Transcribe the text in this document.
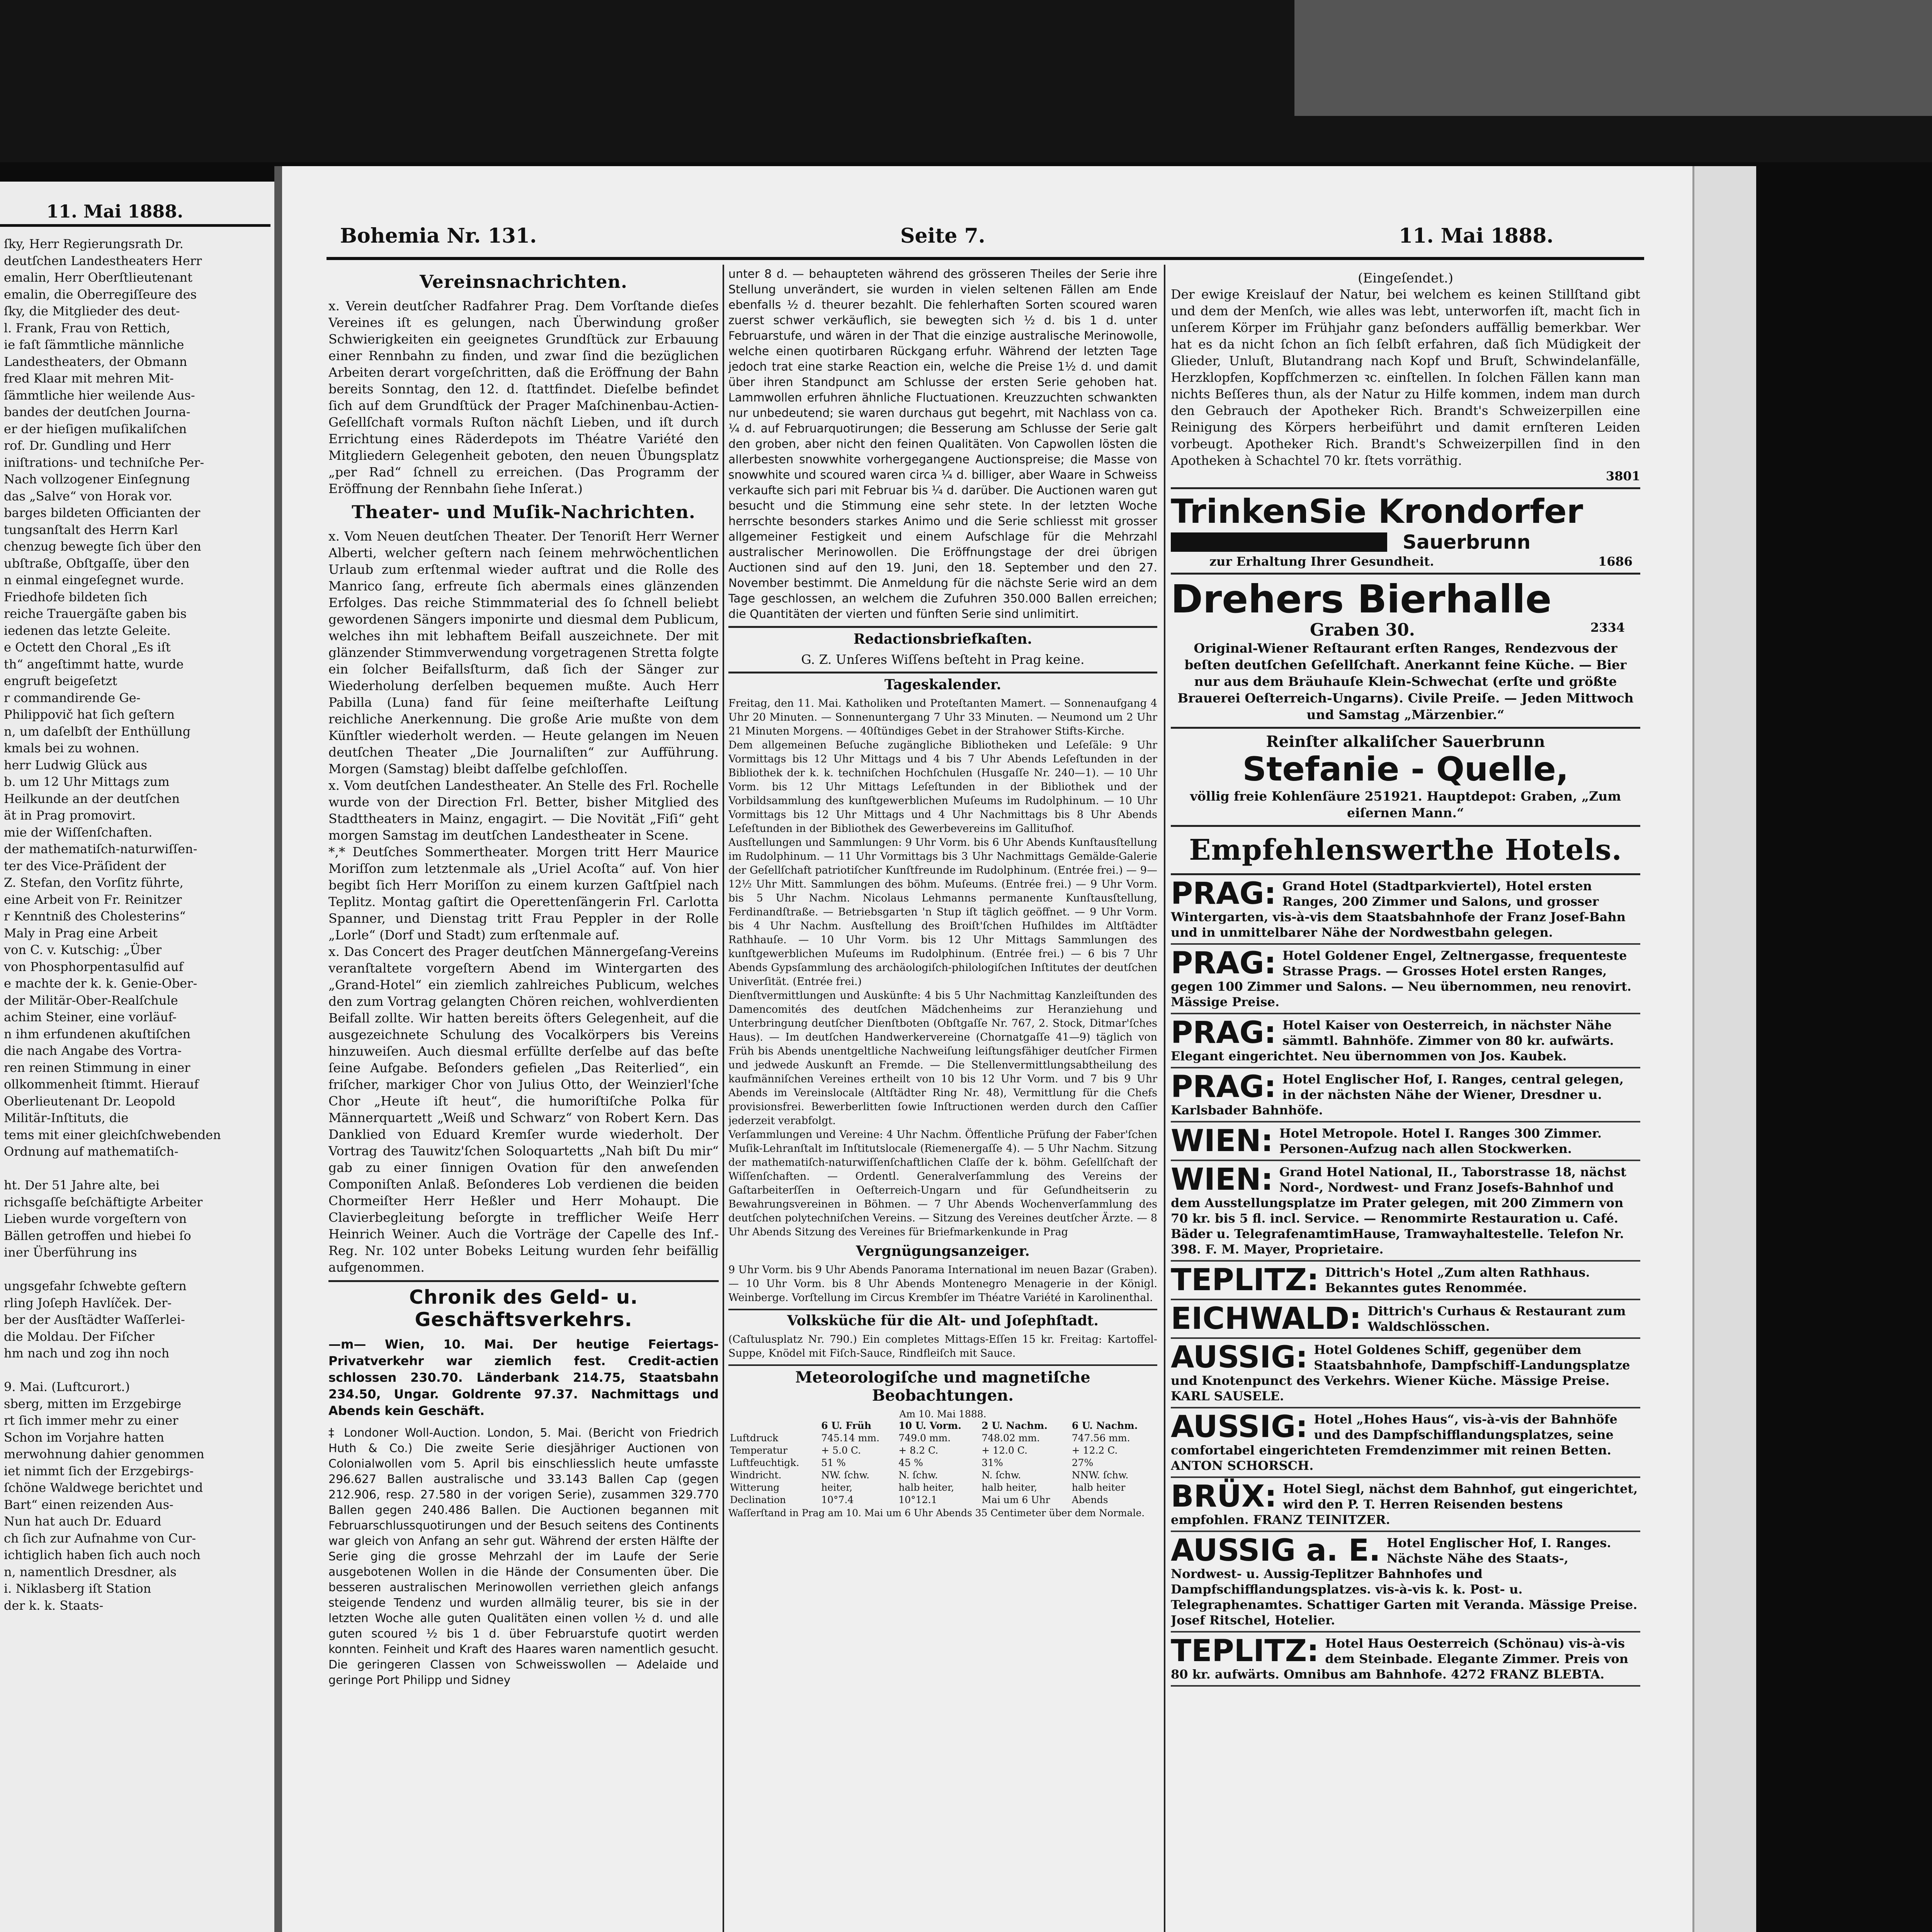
11. Mai 1888.
ſky, Herr Regierungsrath Dr.
deutſchen Landestheaters Herr
emalin, Herr Oberſtlieutenant
emalin, die Oberregiſſeure des
ſky, die Mitglieder des deut-
l. Frank, Frau von Rettich,
ie faſt ſämmtliche männliche
Landestheaters, der Obmann
fred Klaar mit mehren Mit-
ſämmtliche hier weilende Aus-
bandes der deutſchen Journa-
er der hieſigen muſikaliſchen
rof. Dr. Gundling und Herr
iniſtrations- und techniſche Per-
Nach vollzogener Einſegnung
das „Salve“ von Horak vor.
barges bildeten Officianten der
tungsanſtalt des Herrn Karl
chenzug bewegte ſich über den
ubſtraße, Obſtgaſſe, über den
n einmal eingeſegnet wurde.
Friedhofe bildeten ſich
reiche Trauergäſte gaben bis
iedenen das letzte Geleite.
e Octett den Choral „Es iſt
th“ angeſtimmt hatte, wurde
engruft beigeſetzt
r commandirende Ge-
Philippovič hat ſich geſtern
n, um daſelbſt der Enthüllung
kmals bei zu wohnen.
herr Ludwig Glück aus
b. um 12 Uhr Mittags zum
Heilkunde an der deutſchen
ät in Prag promovirt.
mie der Wiſſenſchaften.
der mathematiſch-naturwiſſen-
ter des Vice-Präſident der
Z. Stefan, den Vorſitz führte,
eine Arbeit von Fr. Reinitzer
r Kenntniß des Cholesterins“
Maly in Prag eine Arbeit
von C. v. Kutschig: „Über
von Phosphorpentasulfid auf
e machte der k. k. Genie-Ober-
der Militär-Ober-Realſchule
achim Steiner, eine vorläuf-
n ihm erfundenen akuſtiſchen
die nach Angabe des Vortra-
ren reinen Stimmung in einer
ollkommenheit ſtimmt. Hierauf
Oberlieutenant Dr. Leopold
Militär-Inſtituts, die
tems mit einer gleichſchwebenden
Ordnung auf mathematiſch-
ht. Der 51 Jahre alte, bei
richsgaſſe beſchäftigte Arbeiter
Lieben wurde vorgeſtern von
Bällen getroffen und hiebei ſo
iner Überführung ins
ungsgefahr ſchwebte geſtern
rling Joſeph Havlíček. Der-
ber der Ausſtädter Waſſerlei-
die Moldau. Der Fiſcher
hm nach und zog ihn noch
9. Mai. (Luftcurort.)
sberg, mitten im Erzgebirge
rt ſich immer mehr zu einer
Schon im Vorjahre hatten
merwohnung dahier genommen
iet nimmt ſich der Erzgebirgs-
ſchöne Waldwege berichtet und
Bart“ einen reizenden Aus-
Nun hat auch Dr. Eduard
ch ſich zur Aufnahme von Cur-
ichtiglich haben ſich auch noch
n, namentlich Dresdner, als
i. Niklasberg iſt Station
der k. k. Staats-
Bohemia Nr. 131.	Seite 7.	11. Mai 1888.
Vereinsnachrichten.

x. Verein deutſcher Radfahrer Prag. Dem Vorſtande dieſes Vereines iſt es gelungen, nach Überwindung großer Schwierigkeiten ein geeignetes Grundſtück zur Erbauung einer Rennbahn zu finden, und zwar ſind die bezüglichen Arbeiten derart vorgeſchritten, daß die Eröffnung der Bahn bereits Sonntag, den 12. d. ſtattfindet. Dieſelbe befindet ſich auf dem Grundſtück der Prager Maſchinenbau-Actien-Geſellſchaft vormals Ruſton nächſt Lieben, und iſt durch Errichtung eines Räderdepots im Théatre Variété den Mitgliedern Gelegenheit geboten, den neuen Übungsplatz „per Rad“ ſchnell zu erreichen. (Das Programm der Eröffnung der Rennbahn ſiehe Inſerat.)

Theater- und Muſik-Nachrichten.

x. Vom Neuen deutſchen Theater. Der Tenoriſt Herr Werner Alberti, welcher geſtern nach ſeinem mehrwöchentlichen Urlaub zum erſtenmal wieder auftrat und die Rolle des Manrico ſang, erfreute ſich abermals eines glänzenden Erfolges. Das reiche Stimmmaterial des ſo ſchnell beliebt gewordenen Sängers imponirte und diesmal dem Publicum, welches ihn mit lebhaftem Beifall auszeichnete. Der mit glänzender Stimmverwendung vorgetragenen Stretta folgte ein ſolcher Beifallsſturm, daß ſich der Sänger zur Wiederholung derſelben bequemen mußte. Auch Herr Pabilla (Luna) fand für ſeine meiſterhafte Leiſtung reichliche Anerkennung. Die große Arie mußte von dem Künſtler wiederholt werden. — Heute gelangen im Neuen deutſchen Theater „Die Journaliſten“ zur Aufführung. Morgen (Samstag) bleibt daſſelbe geſchloſſen.

x. Vom deutſchen Landestheater. An Stelle des Frl. Rochelle wurde von der Direction Frl. Better, bisher Mitglied des Stadttheaters in Mainz, engagirt. — Die Novität „Fiſi“ geht morgen Samstag im deutſchen Landestheater in Scene.

*,* Deutſches Sommertheater. Morgen tritt Herr Maurice Moriſſon zum letztenmale als „Uriel Acoſta“ auf. Von hier begibt ſich Herr Moriſſon zu einem kurzen Gaſtſpiel nach Teplitz. Montag gaſtirt die Operettenſängerin Frl. Carlotta Spanner, und Dienstag tritt Frau Peppler in der Rolle „Lorle“ (Dorf und Stadt) zum erſtenmale auf.

x. Das Concert des Prager deutſchen Männergeſang-Vereins veranſtaltete vorgeſtern Abend im Wintergarten des „Grand-Hotel“ ein ziemlich zahlreiches Publicum, welches den zum Vortrag gelangten Chören reichen, wohlverdienten Beifall zollte. Wir hatten bereits öfters Gelegenheit, auf die ausgezeichnete Schulung des Vocalkörpers bis Vereins hinzuweiſen. Auch diesmal erfüllte derſelbe auf das beſte ſeine Aufgabe. Beſonders gefielen „Das Reiterlied“, ein friſcher, markiger Chor von Julius Otto, der Weinzierl'ſche Chor „Heute iſt heut“, die humoriſtiſche Polka für Männerquartett „Weiß und Schwarz“ von Robert Kern. Das Danklied von Eduard Kremſer wurde wiederholt. Der Vortrag des Tauwitz'ſchen Soloquartetts „Nah biſt Du mir“ gab zu einer ſinnigen Ovation für den anweſenden Componiſten Anlaß. Beſonderes Lob verdienen die beiden Chormeiſter Herr Heßler und Herr Mohaupt. Die Clavierbegleitung beſorgte in trefflicher Weiſe Herr Heinrich Weiner. Auch die Vorträge der Capelle des Inf.-Reg. Nr. 102 unter Bobeks Leitung wurden ſehr beifällig aufgenommen.

Chronik des Geld- u. Geschäftsverkehrs.

—m— Wien, 10. Mai. Der heutige Feiertags-Privatverkehr war ziemlich fest. Credit-actien schlossen 230.70. Länderbank 214.75, Staatsbahn 234.50, Ungar. Goldrente 97.37. Nachmittags und Abends kein Geschäft.

‡ Londoner Woll-Auction. London, 5. Mai. (Bericht von Friedrich Huth & Co.) Die zweite Serie diesjähriger Auctionen von Colonialwollen vom 5. April bis einschliesslich heute umfasste 296.627 Ballen australische und 33.143 Ballen Cap (gegen 212.906, resp. 27.580 in der vorigen Serie), zusammen 329.770 Ballen gegen 240.486 Ballen. Die Auctionen begannen mit Februarschlussquotirungen und der Besuch seitens des Continents war gleich von Anfang an sehr gut. Während der ersten Hälfte der Serie ging die grosse Mehrzahl der im Laufe der Serie ausgebotenen Wollen in die Hände der Consumenten über. Die besseren australischen Merinowollen verriethen gleich anfangs steigende Tendenz und wurden allmälig teurer, bis sie in der letzten Woche alle guten Qualitäten einen vollen ½ d. und alle guten scoured ½ bis 1 d. über Februarstufe quotirt werden konnten. Feinheit und Kraft des Haares waren namentlich gesucht. Die geringeren Classen von Schweisswollen — Adelaide und geringe Port Philipp und Sidney

unter 8 d. — behaupteten während des grösseren Theiles der Serie ihre Stellung unverändert, sie wurden in vielen seltenen Fällen am Ende ebenfalls ½ d. theurer bezahlt. Die fehlerhaften Sorten scoured waren zuerst schwer verkäuflich, sie bewegten sich ½ d. bis 1 d. unter Februarstufe, und wären in der That die einzige australische Merinowolle, welche einen quotirbaren Rückgang erfuhr. Während der letzten Tage jedoch trat eine starke Reaction ein, welche die Preise 1½ d. und damit über ihren Standpunct am Schlusse der ersten Serie gehoben hat. Lammwollen erfuhren ähnliche Fluctuationen. Kreuzzuchten schwankten nur unbedeutend; sie waren durchaus gut begehrt, mit Nachlass von ca. ¼ d. auf Februarquotirungen; die Besserung am Schlusse der Serie galt den groben, aber nicht den feinen Qualitäten. Von Capwollen lösten die allerbesten snowwhite vorhergegangene Auctionspreise; die Masse von snowwhite und scoured waren circa ¼ d. billiger, aber Waare in Schweiss verkaufte sich pari mit Februar bis ¼ d. darüber. Die Auctionen waren gut besucht und die Stimmung eine sehr stete. In der letzten Woche herrschte besonders starkes Animo und die Serie schliesst mit grosser allgemeiner Festigkeit und einem Aufschlage für die Mehrzahl australischer Merinowollen. Die Eröffnungstage der drei übrigen Auctionen sind auf den 19. Juni, den 18. September und den 27. November bestimmt. Die Anmeldung für die nächste Serie wird an dem Tage geschlossen, an welchem die Zufuhren 350.000 Ballen erreichen; die Quantitäten der vierten und fünften Serie sind unlimitirt.

Redactionsbriefkaſten.

G. Z. Unſeres Wiſſens beſteht in Prag keine.

Tageskalender.

Freitag, den 11. Mai. Katholiken und Proteſtanten Mamert. — Sonnenaufgang 4 Uhr 20 Minuten. — Sonnenuntergang 7 Uhr 33 Minuten. — Neumond um 2 Uhr 21 Minuten Morgens. — 40ſtündiges Gebet in der Strahower Stifts-Kirche.

Dem allgemeinen Beſuche zugängliche Bibliotheken und Leſeſäle: 9 Uhr Vormittags bis 12 Uhr Mittags und 4 bis 7 Uhr Abends Leſeſtunden in der Bibliothek der k. k. techniſchen Hochſchulen (Husgaſſe Nr. 240—1). — 10 Uhr Vorm. bis 12 Uhr Mittags Leſeſtunden in der Bibliothek und der Vorbildsammlung des kunſtgewerblichen Muſeums im Rudolphinum. — 10 Uhr Vormittags bis 12 Uhr Mittags und 4 Uhr Nachmittags bis 8 Uhr Abends Leſeſtunden in der Bibliothek des Gewerbevereins im Gallituſhof.

Ausſtellungen und Sammlungen: 9 Uhr Vorm. bis 6 Uhr Abends Kunſtausſtellung im Rudolphinum. — 11 Uhr Vormittags bis 3 Uhr Nachmittags Gemälde-Galerie der Geſellſchaft patriotiſcher Kunſtfreunde im Rudolphinum. (Entrée frei.) — 9—12½ Uhr Mitt. Sammlungen des böhm. Muſeums. (Entrée frei.) — 9 Uhr Vorm. bis 5 Uhr Nachm. Nicolaus Lehmanns permanente Kunſtausſtellung, Ferdinandſtraße. — Betriebsgarten 'n Stup iſt täglich geöffnet. — 9 Uhr Vorm. bis 4 Uhr Nachm. Ausſtellung des Broiſt'ſchen Huſhildes im Altſtädter Rathhauſe. — 10 Uhr Vorm. bis 12 Uhr Mittags Sammlungen des kunſtgewerblichen Muſeums im Rudolphinum. (Entrée frei.) — 6 bis 7 Uhr Abends Gypsſammlung des archäologiſch-philologiſchen Inſtitutes der deutſchen Univerſität. (Entrée frei.)

Dienſtvermittlungen und Auskünfte: 4 bis 5 Uhr Nachmittag Kanzleiſtunden des Damencomités des deutſchen Mädchenheims zur Heranziehung und Unterbringung deutſcher Dienſtboten (Obſtgaſſe Nr. 767, 2. Stock, Ditmar'ſches Haus). — Im deutſchen Handwerkervereine (Chornatgaſſe 41—9) täglich von Früh bis Abends unentgeltliche Nachweiſung leiſtungsfähiger deutſcher Firmen und jedwede Auskunft an Fremde. — Die Stellenvermittlungsabtheilung des kaufmänniſchen Vereines ertheilt von 10 bis 12 Uhr Vorm. und 7 bis 9 Uhr Abends im Vereinslocale (Altſtädter Ring Nr. 48), Vermittlung für die Chefs provisionsfrei. Bewerberlitten ſowie Inſtructionen werden durch den Caſſier jederzeit verabfolgt.

Verſammlungen und Vereine: 4 Uhr Nachm. Öffentliche Prüfung der Faber'ſchen Muſik-Lehranſtalt im Inſtitutslocale (Riemenergaſſe 4). — 5 Uhr Nachm. Sitzung der mathematiſch-naturwiſſenſchaftlichen Claſſe der k. böhm. Geſellſchaft der Wiſſenſchaften. — Ordentl. Generalverſammlung des Vereins der Gaſtarbeiterſſen in Oeſterreich-Ungarn und für Geſundheitserin zu Bewahrungsvereinen in Böhmen. — 7 Uhr Abends Wochenverſammlung des deutſchen polytechniſchen Vereins. — Sitzung des Vereines deutſcher Ärzte. — 8 Uhr Abends Sitzung des Vereines für Briefmarkenkunde in Prag

Vergnügungsanzeiger.

9 Uhr Vorm. bis 9 Uhr Abends Panorama International im neuen Bazar (Graben). — 10 Uhr Vorm. bis 8 Uhr Abends Montenegro Menagerie in der Königl. Weinberge. Vorſtellung im Circus Krembſer im Théatre Variété in Karolinenthal.

Volksküche für die Alt- und Joſephſtadt.

(Caſtulusplatz Nr. 790.) Ein completes Mittags-Eſſen 15 kr. Freitag: Kartoffel-Suppe, Knödel mit Fiſch-Sauce, Rindfleiſch mit Sauce.

Meteorologiſche und magnetiſche Beobachtungen.
Am 10. Mai 1888.
	6 U. Früh	10 U. Vorm.	2 U. Nachm.	6 U. Nachm.
Luftdruck	745.14 mm.	749.0 mm.	748.02 mm.	747.56 mm.
Temperatur	+ 5.0 C.	+ 8.2 C.	+ 12.0 C.	+ 12.2 C.
Luftfeuchtigk.	51 %	45 %	31%	27%
Windricht.	NW. ſchw.	N. ſchw.	N. ſchw.	NNW. ſchw.
Witterung	heiter,	halb heiter,	halb heiter,	halb heiter
Declination	10°7.4	10°12.1	Mai um 6 Uhr	Abends

Waſſerſtand in Prag am 10. Mai um 6 Uhr Abends 35 Centimeter über dem Normale.

(Eingeſendet.)

Der ewige Kreislauf der Natur, bei welchem es keinen Stillſtand gibt und dem der Menſch, wie alles was lebt, unterworfen iſt, macht ſich in unſerem Körper im Frühjahr ganz beſonders auffällig bemerkbar. Wer hat es da nicht ſchon an ſich ſelbſt erfahren, daß ſich Müdigkeit der Glieder, Unluſt, Blutandrang nach Kopf und Bruſt, Schwindelanfälle, Herzklopfen, Kopfſchmerzen ꝛc. einſtellen. In ſolchen Fällen kann man nichts Beſſeres thun, als der Natur zu Hilfe kommen, indem man durch den Gebrauch der Apotheker Rich. Brandt's Schweizerpillen eine Reinigung des Körpers herbeiführt und damit ernſteren Leiden vorbeugt. Apotheker Rich. Brandt's Schweizerpillen ſind in den Apotheken à Schachtel 70 kr. ſtets vorräthig.

3801
TrinkenSie Krondorfer
Sauerbrunn
zur Erhaltung Ihrer Gesundheit.	1686
Drehers Bierhalle
Graben 30.	2334

Original-Wiener Reſtaurant erſten Ranges, Rendezvous der beſten deutſchen Geſellſchaft. Anerkannt feine Küche. — Bier nur aus dem Bräuhauſe Klein-Schwechat (erſte und größte Brauerei Oeſterreich-Ungarns). Civile Preiſe. — Jeden Mittwoch und Samstag „Märzenbier.“

Reinſter alkaliſcher Sauerbrunn
Stefanie - Quelle,

völlig freie Kohlenſäure 251921. Hauptdepot: Graben, „Zum eiſernen Mann.“

Empfehlenswerthe Hotels.
PRAG: Grand Hotel (Stadtparkviertel), Hotel ersten Ranges, 200 Zimmer und Salons, und grosser Wintergarten, vis-à-vis dem Staatsbahnhofe der Franz Josef-Bahn und in unmittelbarer Nähe der Nordwestbahn gelegen.
PRAG: Hotel Goldener Engel, Zeltnergasse, frequenteste Strasse Prags. — Grosses Hotel ersten Ranges, gegen 100 Zimmer und Salons. — Neu übernommen, neu renovirt. Mässige Preise.
PRAG: Hotel Kaiser von Oesterreich, in nächster Nähe sämmtl. Bahnhöfe. Zimmer von 80 kr. aufwärts. Elegant eingerichtet. Neu übernommen von Jos. Kaubek.
PRAG: Hotel Englischer Hof, I. Ranges, central gelegen, in der nächsten Nähe der Wiener, Dresdner u. Karlsbader Bahnhöfe.
WIEN: Hotel Metropole. Hotel I. Ranges 300 Zimmer. Personen-Aufzug nach allen Stockwerken.
WIEN: Grand Hotel National, II., Taborstrasse 18, nächst Nord-, Nordwest- und Franz Josefs-Bahnhof und dem Ausstellungsplatze im Prater gelegen, mit 200 Zimmern von 70 kr. bis 5 fl. incl. Service. — Renommirte Restauration u. Café. Bäder u. TelegrafenamtimHause, Tramwayhaltestelle. Telefon Nr. 398. F. M. Mayer, Proprietaire.
TEPLITZ: Dittrich's Hotel „Zum alten Rathhaus. Bekanntes gutes Renommée.
EICHWALD: Dittrich's Curhaus & Restaurant zum Waldschlösschen.
AUSSIG: Hotel Goldenes Schiff, gegenüber dem Staatsbahnhofe, Dampfschiff-Landungsplatze und Knotenpunct des Verkehrs. Wiener Küche. Mässige Preise. KARL SAUSELE.
AUSSIG: Hotel „Hohes Haus“, vis-à-vis der Bahnhöfe und des Dampfschifflandungsplatzes, seine comfortabel eingerichteten Fremdenzimmer mit reinen Betten. ANTON SCHORSCH.
BRÜX: Hotel Siegl, nächst dem Bahnhof, gut eingerichtet, wird den P. T. Herren Reisenden bestens empfohlen. FRANZ TEINITZER.
AUSSIG a. E. Hotel Englischer Hof, I. Ranges. Nächste Nähe des Staats-, Nordwest- u. Aussig-Teplitzer Bahnhofes und Dampfschifflandungsplatzes. vis-à-vis k. k. Post- u. Telegraphenamtes. Schattiger Garten mit Veranda. Mässige Preise. Josef Ritschel, Hotelier.
TEPLITZ: Hotel Haus Oesterreich (Schönau) vis-à-vis dem Steinbade. Elegante Zimmer. Preis von 80 kr. aufwärts. Omnibus am Bahnhofe. 4272 FRANZ BLEBTA.
